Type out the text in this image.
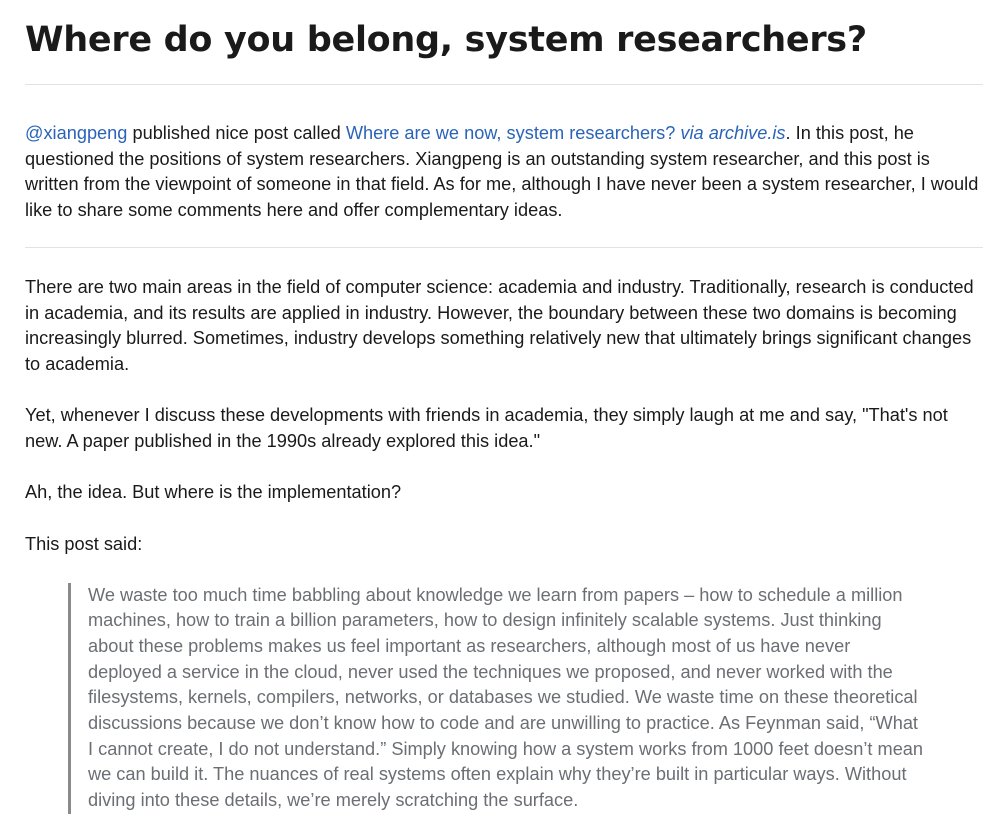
Where do you belong, system researchers?

@xiangpeng published nice post called Where are we now, system researchers? via archive.is. In this post, he questioned the positions of system researchers. Xiangpeng is an outstanding system researcher, and this post is written from the viewpoint of someone in that field. As for me, although I have never been a system researcher, I would like to share some comments here and offer complementary ideas.

There are two main areas in the field of computer science: academia and industry. Traditionally, research is conducted in academia, and its results are applied in industry. However, the boundary between these two domains is becoming increasingly blurred. Sometimes, industry develops something relatively new that ultimately brings significant changes to academia.

Yet, whenever I discuss these developments with friends in academia, they simply laugh at me and say, "That's not new. A paper published in the 1990s already explored this idea."

Ah, the idea. But where is the implementation?

This post said:

We waste too much time babbling about knowledge we learn from papers – how to schedule a million machines, how to train a billion parameters, how to design infinitely scalable systems. Just thinking about these problems makes us feel important as researchers, although most of us have never deployed a service in the cloud, never used the techniques we proposed, and never worked with the filesystems, kernels, compilers, networks, or databases we studied. We waste time on these theoretical discussions because we don’t know how to code and are unwilling to practice. As Feynman said, “What I cannot create, I do not understand.” Simply knowing how a system works from 1000 feet doesn’t mean we can build it. The nuances of real systems often explain why they’re built in particular ways. Without diving into these details, we’re merely scratching the surface.
